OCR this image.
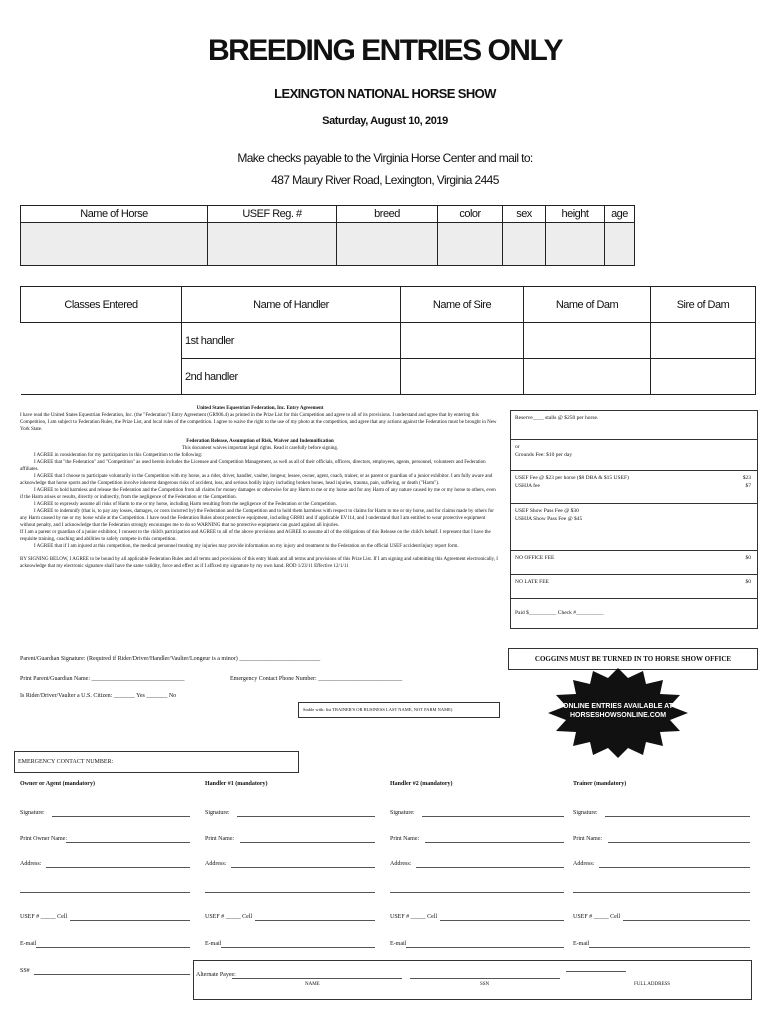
BREEDING ENTRIES ONLY
LEXINGTON NATIONAL HORSE SHOW
Saturday, August 10, 2019
Make checks payable to the Virginia Horse Center and mail to:
487 Maury River Road, Lexington, Virginia 2445
Name of Horse	USEF Reg. #	breed	color	sex	height	age

Classes Entered	Name of Handler	Name of Sire	Name of Dam	Sire of Dam
	1st handler			
	2nd handler			

United States Equestrian Federation, Inc. Entry Agreement

I have read the United States Equestrian Federation, Inc. (the "Federation") Entry Agreement (GR906.4) as printed in the Prize List for this Competition and agree to all of its provisions. I understand and agree that by entering this Competition, I am subject to Federation Rules, the Prize List, and local rules of the competition. I agree to waive the right to the use of my photo at the competition, and agree that any actions against the Federation must be brought in New York State.

Federation Release, Assumption of Risk, Waiver and Indemnification

This document waives important legal rights. Read it carefully before signing.

I AGREE in consideration for my participation in this Competition to the following:

I AGREE that "the Federation" and "Competition" as used herein includes the Licensee and Competition Management, as well as all of their officials, officers, directors, employees, agents, personnel, volunteers and Federation affiliates.

I AGREE that I choose to participate voluntarily in the Competition with my horse, as a rider, driver, handler, vaulter, longeur, lessee, owner, agent, coach, trainer, or as parent or guardian of a junior exhibitor. I am fully aware and acknowledge that horse sports and the Competition involve inherent dangerous risks of accident, loss, and serious bodily injury including broken bones, head injuries, trauma, pain, suffering, or death ("Harm").

I AGREE to hold harmless and release the Federation and the Competition from all claims for money damages or otherwise for any Harm to me or my horse and for any Harm of any nature caused by me or my horse to others, even if the Harm arises or results, directly or indirectly, from the negligence of the Federation or the Competition.

I AGREE to expressly assume all risks of Harm to me or my horse, including Harm resulting from the negligence of the Federation or the Competition.

I AGREE to indemnify (that is, to pay any losses, damages, or costs incurred by) the Federation and the Competition and to hold them harmless with respect to claims for Harm to me or my horse, and for claims made by others for any Harm caused by me or my horse while at the Competition. I have read the Federation Rules about protective equipment, including GR801 and if applicable EV114, and I understand that I am entitled to wear protective equipment without penalty, and I acknowledge that the Federation strongly encourages me to do so WARNING that no protective equipment can guard against all injuries.

If I am a parent or guardian of a junior exhibitor, I consent to the child's participation and AGREE to all of the above provisions and AGREE to assume all of the obligations of this Release on the child's behalf. I represent that I have the requisite training, coaching and abilities to safely compete in this competition.

I AGREE that if I am injured at this competition, the medical personnel treating my injuries may provide information on my injury and treatment to the Federation on the official USEF accident/injury report form.

BY SIGNING BELOW, I AGREE to be bound by all applicable Federation Rules and all terms and provisions of this entry blank and all terms and provisions of this Prize List. If I am signing and submitting this Agreement electronically, I acknowledge that my electronic signature shall have the same validity, force and effect as if I affixed my signature by my own hand. ROD 1/23/11 Effective 12/1/11

Reserve____ stalls @ $250 per horse.
or
Grounds Fee: $10 per day
USEF Fee @ $23 per horse ($8 DBA & $15 USEF)	$23

USHJA fee	$7
USEF Show Pass Fee @ $30
USHJA Show Pass Fee @ $45
NO OFFICE FEE	$0
NO LATE FEE	$0
Paid $__________ Check #__________
COGGINS MUST BE TURNED IN TO HORSE SHOW OFFICE
Parent/Guardian Signature: (Required if Rider/Driver/Handler/Vaulter/Longeur is a minor) ___________________________
Print Parent/Guardian Name: _______________________________	Emergency Contact Phone Number: ____________________________
Is Rider/Driver/Vaulter a U.S. Citizen: _______ Yes _______ No
ONLINE ENTRIES AVAILABLE AT
HORSESHOWSONLINE.COM
Stable with: list TRAINER'S OR BUSINESS LAST NAME, NOT FARM NAME)
EMERGENCY CONTACT NUMBER:
Owner or Agent (mandatory)	Handler #1 (mandatory)	Handler #2 (mandatory)	Trainer (mandatory)
Signature:	Signature:	Signature:	Signature:
Print Owner Name:	Print Name:	Print Name:	Print Name:
Address:	Address:	Address:	Address:
USEF # _____ Cell	USEF # _____ Cell	USEF # _____ Cell	USEF # _____ Cell
E-mail	E-mail	E-mail	E-mail
SS#
Alternate Payee:
NAME	SSN	FULL ADDRESS
